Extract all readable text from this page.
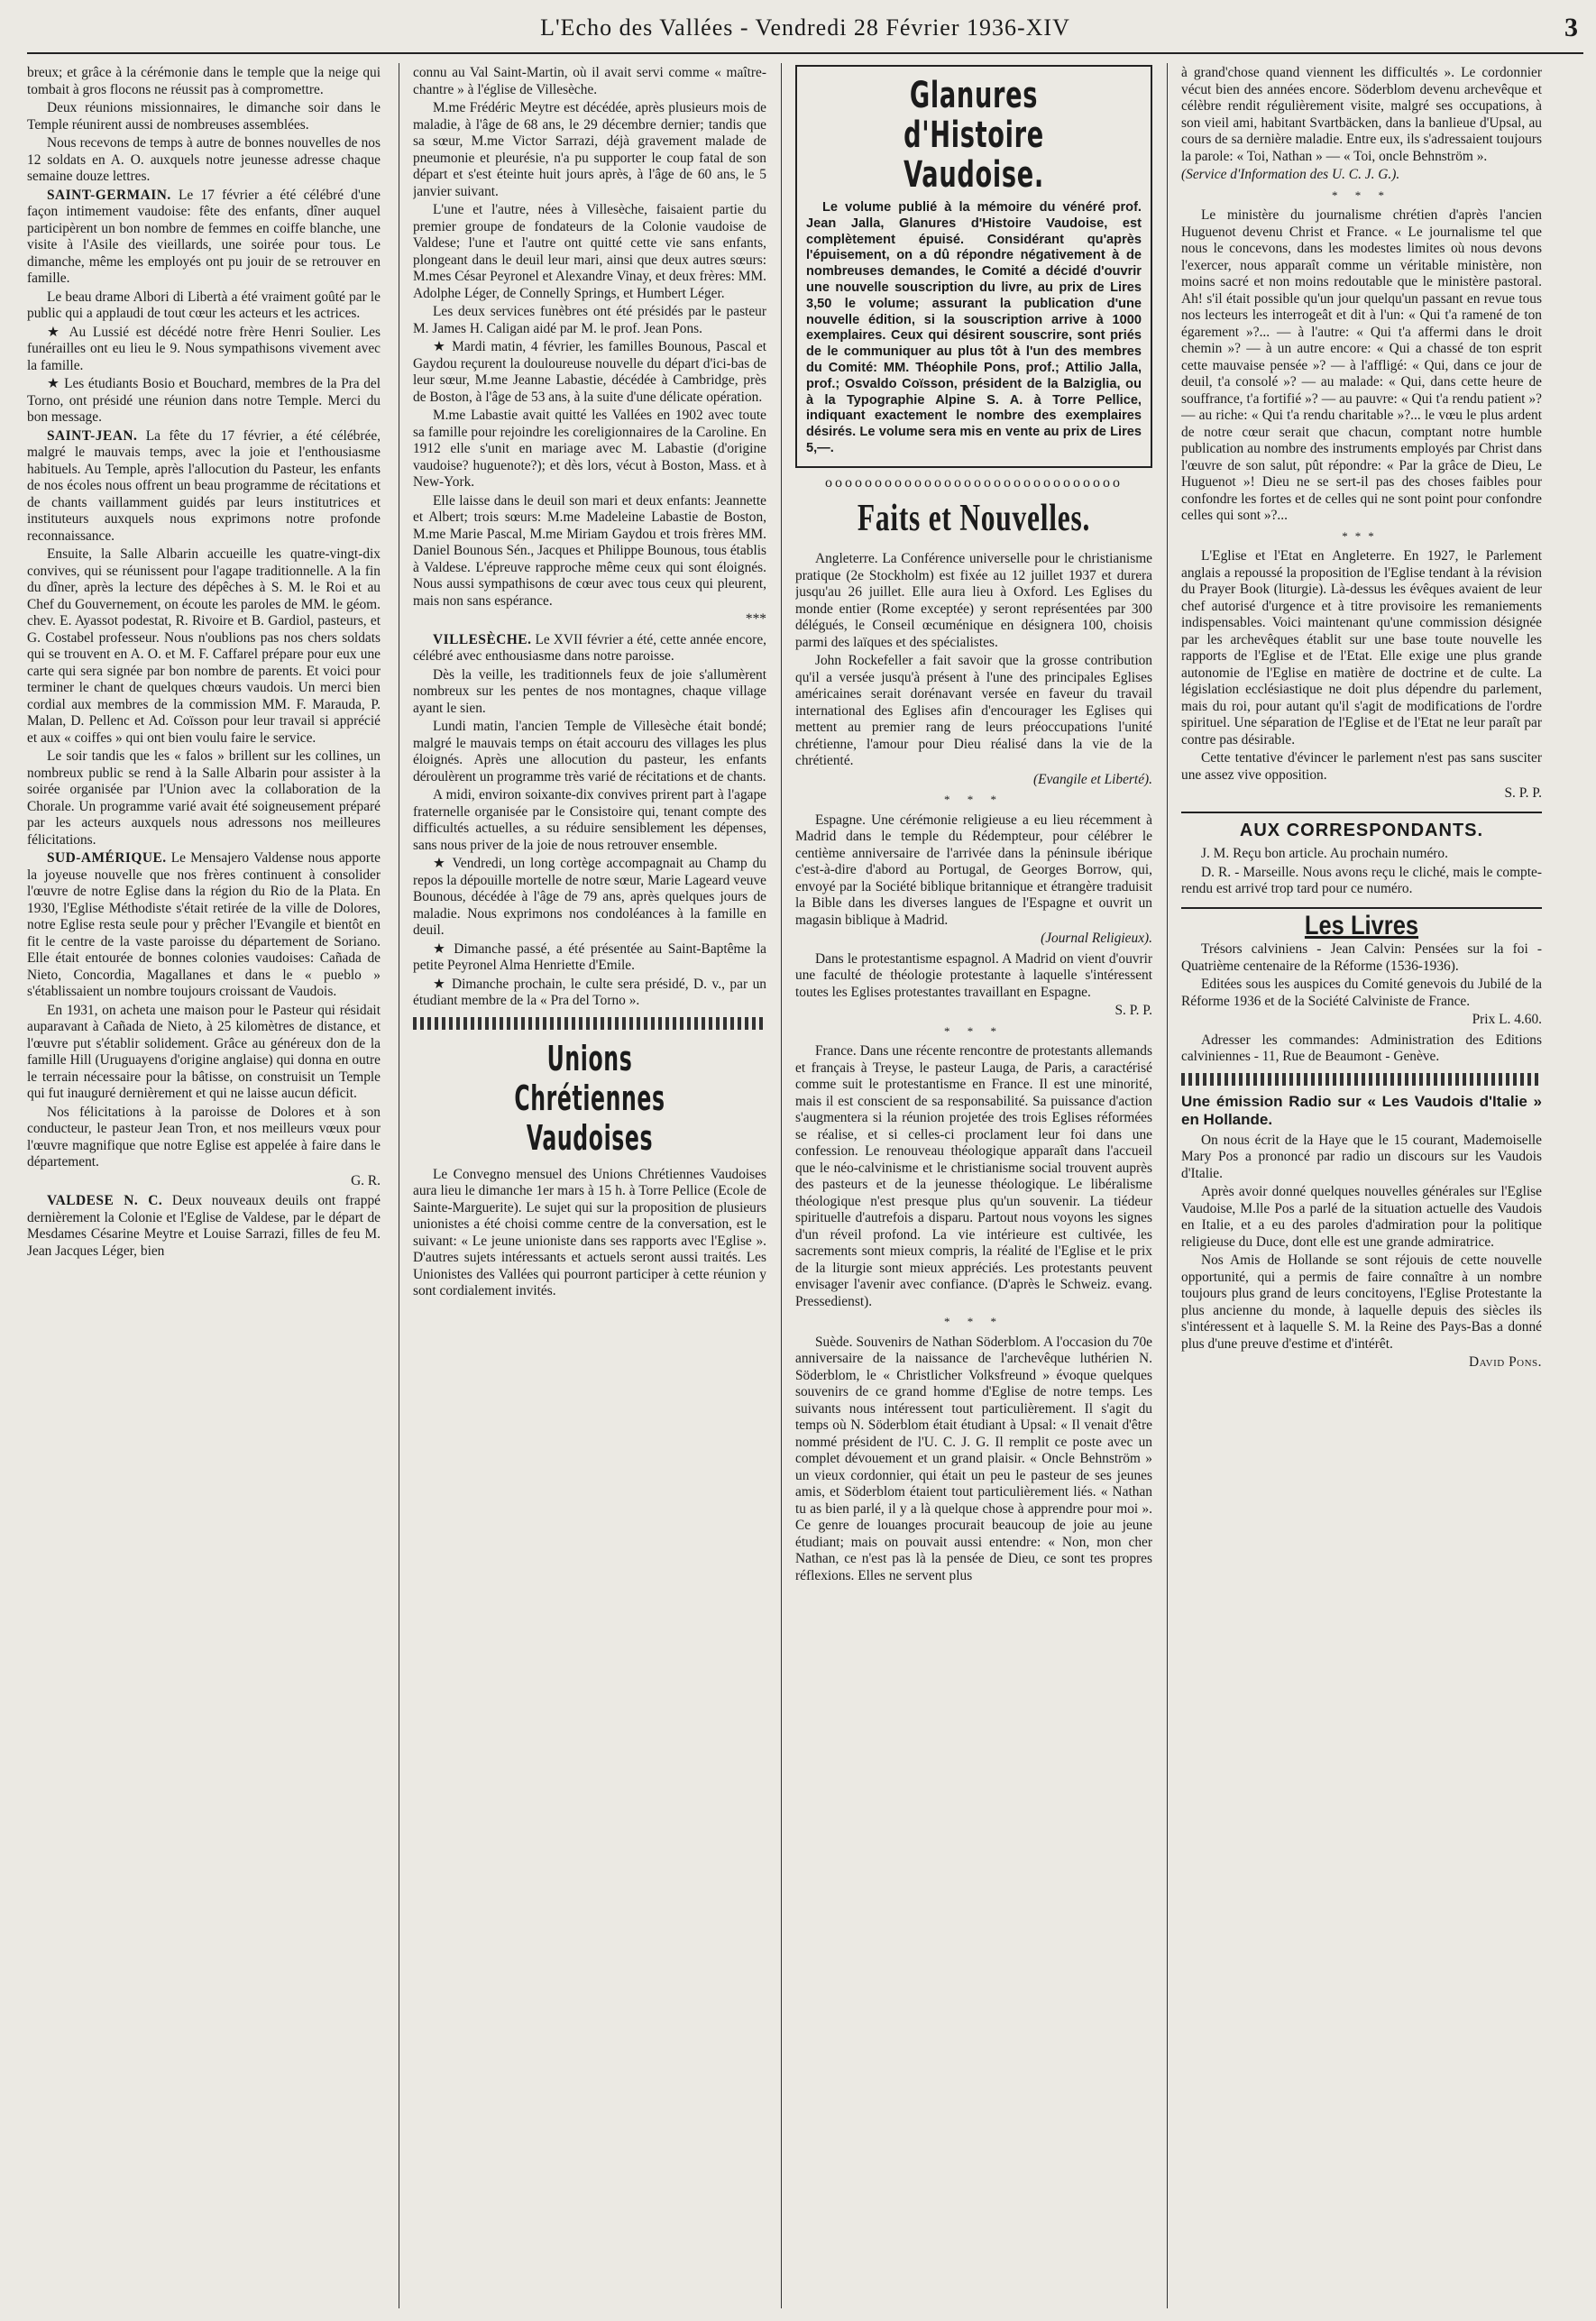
L'Echo des Vallées - Vendredi 28 Février 1936-XIV	3

breux; et grâce à la cérémonie dans le temple que la neige qui tombait à gros flocons ne réussit pas à compromettre.

Deux réunions missionnaires, le dimanche soir dans le Temple réunirent aussi de nombreuses assemblées.

Nous recevons de temps à autre de bonnes nouvelles de nos 12 soldats en A. O. auxquels notre jeunesse adresse chaque semaine douze lettres.

SAINT-GERMAIN. Le 17 février a été célébré d'une façon intimement vaudoise: fête des enfants, dîner auquel participèrent un bon nombre de femmes en coiffe blanche, une visite à l'Asile des vieillards, une soirée pour tous. Le dimanche, même les employés ont pu jouir de se retrouver en famille.

Le beau drame Albori di Libertà a été vraiment goûté par le public qui a applaudi de tout cœur les acteurs et les actrices.

★ Au Lussié est décédé notre frère Henri Soulier. Les funérailles ont eu lieu le 9. Nous sympathisons vivement avec la famille.

★ Les étudiants Bosio et Bouchard, membres de la Pra del Torno, ont présidé une réunion dans notre Temple. Merci du bon message.

SAINT-JEAN. La fête du 17 février, a été célébrée, malgré le mauvais temps, avec la joie et l'enthousiasme habituels. Au Temple, après l'allocution du Pasteur, les enfants de nos écoles nous offrent un beau programme de récitations et de chants vaillamment guidés par leurs institutrices et instituteurs auxquels nous exprimons notre profonde reconnaissance.

Ensuite, la Salle Albarin accueille les quatre-vingt-dix convives, qui se réunissent pour l'agape traditionnelle. A la fin du dîner, après la lecture des dépêches à S. M. le Roi et au Chef du Gouvernement, on écoute les paroles de MM. le géom. chev. E. Ayassot podestat, R. Rivoire et B. Gardiol, pasteurs, et G. Costabel professeur. Nous n'oublions pas nos chers soldats qui se trouvent en A. O. et M. F. Caffarel prépare pour eux une carte qui sera signée par bon nombre de parents. Et voici pour terminer le chant de quelques chœurs vaudois. Un merci bien cordial aux membres de la commission MM. F. Marauda, P. Malan, D. Pellenc et Ad. Coïsson pour leur travail si apprécié et aux « coiffes » qui ont bien voulu faire le service.

Le soir tandis que les « falos » brillent sur les collines, un nombreux public se rend à la Salle Albarin pour assister à la soirée organisée par l'Union avec la collaboration de la Chorale. Un programme varié avait été soigneusement préparé par les acteurs auxquels nous adressons nos meilleures félicitations.

SUD-AMÉRIQUE. Le Mensajero Valdense nous apporte la joyeuse nouvelle que nos frères continuent à consolider l'œuvre de notre Eglise dans la région du Rio de la Plata. En 1930, l'Eglise Méthodiste s'était retirée de la ville de Dolores, notre Eglise resta seule pour y prêcher l'Evangile et bientôt en fit le centre de la vaste paroisse du département de Soriano. Elle était entourée de bonnes colonies vaudoises: Cañada de Nieto, Concordia, Magallanes et dans le « pueblo » s'établissaient un nombre toujours croissant de Vaudois.

En 1931, on acheta une maison pour le Pasteur qui résidait auparavant à Cañada de Nieto, à 25 kilomètres de distance, et l'œuvre put s'établir solidement. Grâce au généreux don de la famille Hill (Uruguayens d'origine anglaise) qui donna en outre le terrain nécessaire pour la bâtisse, on construisit un Temple qui fut inauguré dernièrement et qui ne laisse aucun déficit.

Nos félicitations à la paroisse de Dolores et à son conducteur, le pasteur Jean Tron, et nos meilleurs vœux pour l'œuvre magnifique que notre Eglise est appelée à faire dans le département.

G. R.

VALDESE N. C. Deux nouveaux deuils ont frappé dernièrement la Colonie et l'Eglise de Valdese, par le départ de Mesdames Césarine Meytre et Louise Sarrazi, filles de feu M. Jean Jacques Léger, bien

connu au Val Saint-Martin, où il avait servi comme « maître-chantre » à l'église de Villesèche.

M.me Frédéric Meytre est décédée, après plusieurs mois de maladie, à l'âge de 68 ans, le 29 décembre dernier; tandis que sa sœur, M.me Victor Sarrazi, déjà gravement malade de pneumonie et pleurésie, n'a pu supporter le coup fatal de son départ et s'est éteinte huit jours après, à l'âge de 60 ans, le 5 janvier suivant.

L'une et l'autre, nées à Villesèche, faisaient partie du premier groupe de fondateurs de la Colonie vaudoise de Valdese; l'une et l'autre ont quitté cette vie sans enfants, plongeant dans le deuil leur mari, ainsi que deux autres sœurs: M.mes César Peyronel et Alexandre Vinay, et deux frères: MM. Adolphe Léger, de Connelly Springs, et Humbert Léger.

Les deux services funèbres ont été présidés par le pasteur M. James H. Caligan aidé par M. le prof. Jean Pons.

★ Mardi matin, 4 février, les familles Bounous, Pascal et Gaydou reçurent la douloureuse nouvelle du départ d'ici-bas de leur sœur, M.me Jeanne Labastie, décédée à Cambridge, près de Boston, à l'âge de 53 ans, à la suite d'une délicate opération.

M.me Labastie avait quitté les Vallées en 1902 avec toute sa famille pour rejoindre les coreligionnaires de la Caroline. En 1912 elle s'unit en mariage avec M. Labastie (d'origine vaudoise? huguenote?); et dès lors, vécut à Boston, Mass. et à New-York.

Elle laisse dans le deuil son mari et deux enfants: Jeannette et Albert; trois sœurs: M.me Madeleine Labastie de Boston, M.me Marie Pascal, M.me Miriam Gaydou et trois frères MM. Daniel Bounous Sén., Jacques et Philippe Bounous, tous établis à Valdese. L'épreuve rapproche même ceux qui sont éloignés. Nous aussi sympathisons de cœur avec tous ceux qui pleurent, mais non sans espérance.

***

VILLESÈCHE. Le XVII février a été, cette année encore, célébré avec enthousiasme dans notre paroisse.

Dès la veille, les traditionnels feux de joie s'allumèrent nombreux sur les pentes de nos montagnes, chaque village ayant le sien.

Lundi matin, l'ancien Temple de Villesèche était bondé; malgré le mauvais temps on était accouru des villages les plus éloignés. Après une allocution du pasteur, les enfants déroulèrent un programme très varié de récitations et de chants.

A midi, environ soixante-dix convives prirent part à l'agape fraternelle organisée par le Consistoire qui, tenant compte des difficultés actuelles, a su réduire sensiblement les dépenses, sans nous priver de la joie de nous retrouver ensemble.

★ Vendredi, un long cortège accompagnait au Champ du repos la dépouille mortelle de notre sœur, Marie Lageard veuve Bounous, décédée à l'âge de 79 ans, après quelques jours de maladie. Nous exprimons nos condoléances à la famille en deuil.

★ Dimanche passé, a été présentée au Saint-Baptême la petite Peyronel Alma Henriette d'Emile.

★ Dimanche prochain, le culte sera présidé, D. v., par un étudiant membre de la « Pra del Torno ».

Unions Chrétiennes Vaudoises

Le Convegno mensuel des Unions Chrétiennes Vaudoises aura lieu le dimanche 1er mars à 15 h. à Torre Pellice (Ecole de Sainte-Marguerite). Le sujet qui sur la proposition de plusieurs unionistes a été choisi comme centre de la conversation, est le suivant: « Le jeune unioniste dans ses rapports avec l'Eglise ». D'autres sujets intéressants et actuels seront aussi traités. Les Unionistes des Vallées qui pourront participer à cette réunion y sont cordialement invités.

Glanures d'Histoire Vaudoise.

Le volume publié à la mémoire du vénéré prof. Jean Jalla, Glanures d'Histoire Vaudoise, est complètement épuisé. Considérant qu'après l'épuisement, on a dû répondre négativement à de nombreuses demandes, le Comité a décidé d'ouvrir une nouvelle souscription du livre, au prix de Lires 3,50 le volume; assurant la publication d'une nouvelle édition, si la souscription arrive à 1000 exemplaires. Ceux qui désirent souscrire, sont priés de le communiquer au plus tôt à l'un des membres du Comité: MM. Théophile Pons, prof.; Attilio Jalla, prof.; Osvaldo Coïsson, président de la Balziglia, ou à la Typographie Alpine S. A. à Torre Pellice, indiquant exactement le nombre des exemplaires désirés. Le volume sera mis en vente au prix de Lires 5,—.

oooooooooooooooooooooooooooooo
Faits et Nouvelles.

Angleterre. La Conférence universelle pour le christianisme pratique (2e Stockholm) est fixée au 12 juillet 1937 et durera jusqu'au 26 juillet. Elle aura lieu à Oxford. Les Eglises du monde entier (Rome exceptée) y seront représentées par 300 délégués, le Conseil œcuménique en désignera 100, choisis parmi des laïques et des spécialistes.

John Rockefeller a fait savoir que la grosse contribution qu'il a versée jusqu'à présent à l'une des principales Eglises américaines serait dorénavant versée en faveur du travail international des Eglises afin d'encourager les Eglises qui mettent au premier rang de leurs préoccupations l'unité chrétienne, l'amour pour Dieu réalisé dans la vie de la chrétienté.

(Evangile et Liberté).

* * *

Espagne. Une cérémonie religieuse a eu lieu récemment à Madrid dans le temple du Rédempteur, pour célébrer le centième anniversaire de l'arrivée dans la péninsule ibérique c'est-à-dire d'abord au Portugal, de Georges Borrow, qui, envoyé par la Société biblique britannique et étrangère traduisit la Bible dans les diverses langues de l'Espagne et ouvrit un magasin biblique à Madrid.

(Journal Religieux).

Dans le protestantisme espagnol. A Madrid on vient d'ouvrir une faculté de théologie protestante à laquelle s'intéressent toutes les Eglises protestantes travaillant en Espagne.

S. P. P.

* * *

France. Dans une récente rencontre de protestants allemands et français à Treyse, le pasteur Lauga, de Paris, a caractérisé comme suit le protestantisme en France. Il est une minorité, mais il est conscient de sa responsabilité. Sa puissance d'action s'augmentera si la réunion projetée des trois Eglises réformées se réalise, et si celles-ci proclament leur foi dans une confession. Le renouveau théologique apparaît dans l'accueil que le néo-calvinisme et le christianisme social trouvent auprès des pasteurs et de la jeunesse théologique. Le libéralisme théologique n'est presque plus qu'un souvenir. La tiédeur spirituelle d'autrefois a disparu. Partout nous voyons les signes d'un réveil profond. La vie intérieure est cultivée, les sacrements sont mieux compris, la réalité de l'Eglise et le prix de la liturgie sont mieux appréciés. Les protestants peuvent envisager l'avenir avec confiance. (D'après le Schweiz. evang. Pressedienst).

* * *

Suède. Souvenirs de Nathan Söderblom. A l'occasion du 70e anniversaire de la naissance de l'archevêque luthérien N. Söderblom, le « Christlicher Volksfreund » évoque quelques souvenirs de ce grand homme d'Eglise de notre temps. Les suivants nous intéressent tout particulièrement. Il s'agit du temps où N. Söderblom était étudiant à Upsal: « Il venait d'être nommé président de l'U. C. J. G. Il remplit ce poste avec un complet dévouement et un grand plaisir. « Oncle Behnström » un vieux cordonnier, qui était un peu le pasteur de ses jeunes amis, et Söderblom étaient tout particulièrement liés. « Nathan tu as bien parlé, il y a là quelque chose à apprendre pour moi ». Ce genre de louanges procurait beaucoup de joie au jeune étudiant; mais on pouvait aussi entendre: « Non, mon cher Nathan, ce n'est pas là la pensée de Dieu, ce sont tes propres réflexions. Elles ne servent plus

à grand'chose quand viennent les difficultés ». Le cordonnier vécut bien des années encore. Söderblom devenu archevêque et célèbre rendit régulièrement visite, malgré ses occupations, à son vieil ami, habitant Svartbäcken, dans la banlieue d'Upsal, au cours de sa dernière maladie. Entre eux, ils s'adressaient toujours la parole: « Toi, Nathan » — « Toi, oncle Behnström ».

(Service d'Information des U. C. J. G.).

* * *

Le ministère du journalisme chrétien d'après l'ancien Huguenot devenu Christ et France. « Le journalisme tel que nous le concevons, dans les modestes limites où nous devons l'exercer, nous apparaît comme un véritable ministère, non moins sacré et non moins redoutable que le ministère pastoral. Ah! s'il était possible qu'un jour quelqu'un passant en revue tous nos lecteurs les interrogeât et dit à l'un: « Qui t'a ramené de ton égarement »?... — à l'autre: « Qui t'a affermi dans le droit chemin »? — à un autre encore: « Qui a chassé de ton esprit cette mauvaise pensée »? — à l'affligé: « Qui, dans ce jour de deuil, t'a consolé »? — au malade: « Qui, dans cette heure de souffrance, t'a fortifié »? — au pauvre: « Qui t'a rendu patient »? — au riche: « Qui t'a rendu charitable »?... le vœu le plus ardent de notre cœur serait que chacun, comptant notre humble publication au nombre des instruments employés par Christ dans l'œuvre de son salut, pût répondre: « Par la grâce de Dieu, Le Huguenot »! Dieu ne se sert-il pas des choses faibles pour confondre les fortes et de celles qui ne sont point pour confondre celles qui sont »?...

***

L'Eglise et l'Etat en Angleterre. En 1927, le Parlement anglais a repoussé la proposition de l'Eglise tendant à la révision du Prayer Book (liturgie). Là-dessus les évêques avaient de leur chef autorisé d'urgence et à titre provisoire les remaniements indispensables. Voici maintenant qu'une commission désignée par les archevêques établit sur une base toute nouvelle les rapports de l'Eglise et de l'Etat. Elle exige une plus grande autonomie de l'Eglise en matière de doctrine et de culte. La législation ecclésiastique ne doit plus dépendre du parlement, mais du roi, pour autant qu'il s'agit de modifications de l'ordre spirituel. Une séparation de l'Eglise et de l'Etat ne leur paraît par contre pas désirable.

Cette tentative d'évincer le parlement n'est pas sans susciter une assez vive opposition.

S. P. P.

AUX CORRESPONDANTS.

J. M. Reçu bon article. Au prochain numéro.

D. R. - Marseille. Nous avons reçu le cliché, mais le compte-rendu est arrivé trop tard pour ce numéro.

Les Livres

Trésors calviniens - Jean Calvin: Pensées sur la foi - Quatrième centenaire de la Réforme (1536-1936).

Editées sous les auspices du Comité genevois du Jubilé de la Réforme 1936 et de la Société Calviniste de France.

Prix L. 4.60.

Adresser les commandes: Administration des Editions calviniennes - 11, Rue de Beaumont - Genève.

Une émission Radio sur « Les Vaudois d'Italie » en Hollande.

On nous écrit de la Haye que le 15 courant, Mademoiselle Mary Pos a prononcé par radio un discours sur les Vaudois d'Italie.

Après avoir donné quelques nouvelles générales sur l'Eglise Vaudoise, M.lle Pos a parlé de la situation actuelle des Vaudois en Italie, et a eu des paroles d'admiration pour la politique religieuse du Duce, dont elle est une grande admiratrice.

Nos Amis de Hollande se sont réjouis de cette nouvelle opportunité, qui a permis de faire connaître à un nombre toujours plus grand de leurs concitoyens, l'Eglise Protestante la plus ancienne du monde, à laquelle depuis des siècles ils s'intéressent et à laquelle S. M. la Reine des Pays-Bas a donné plus d'une preuve d'estime et d'intérêt.

David Pons.
